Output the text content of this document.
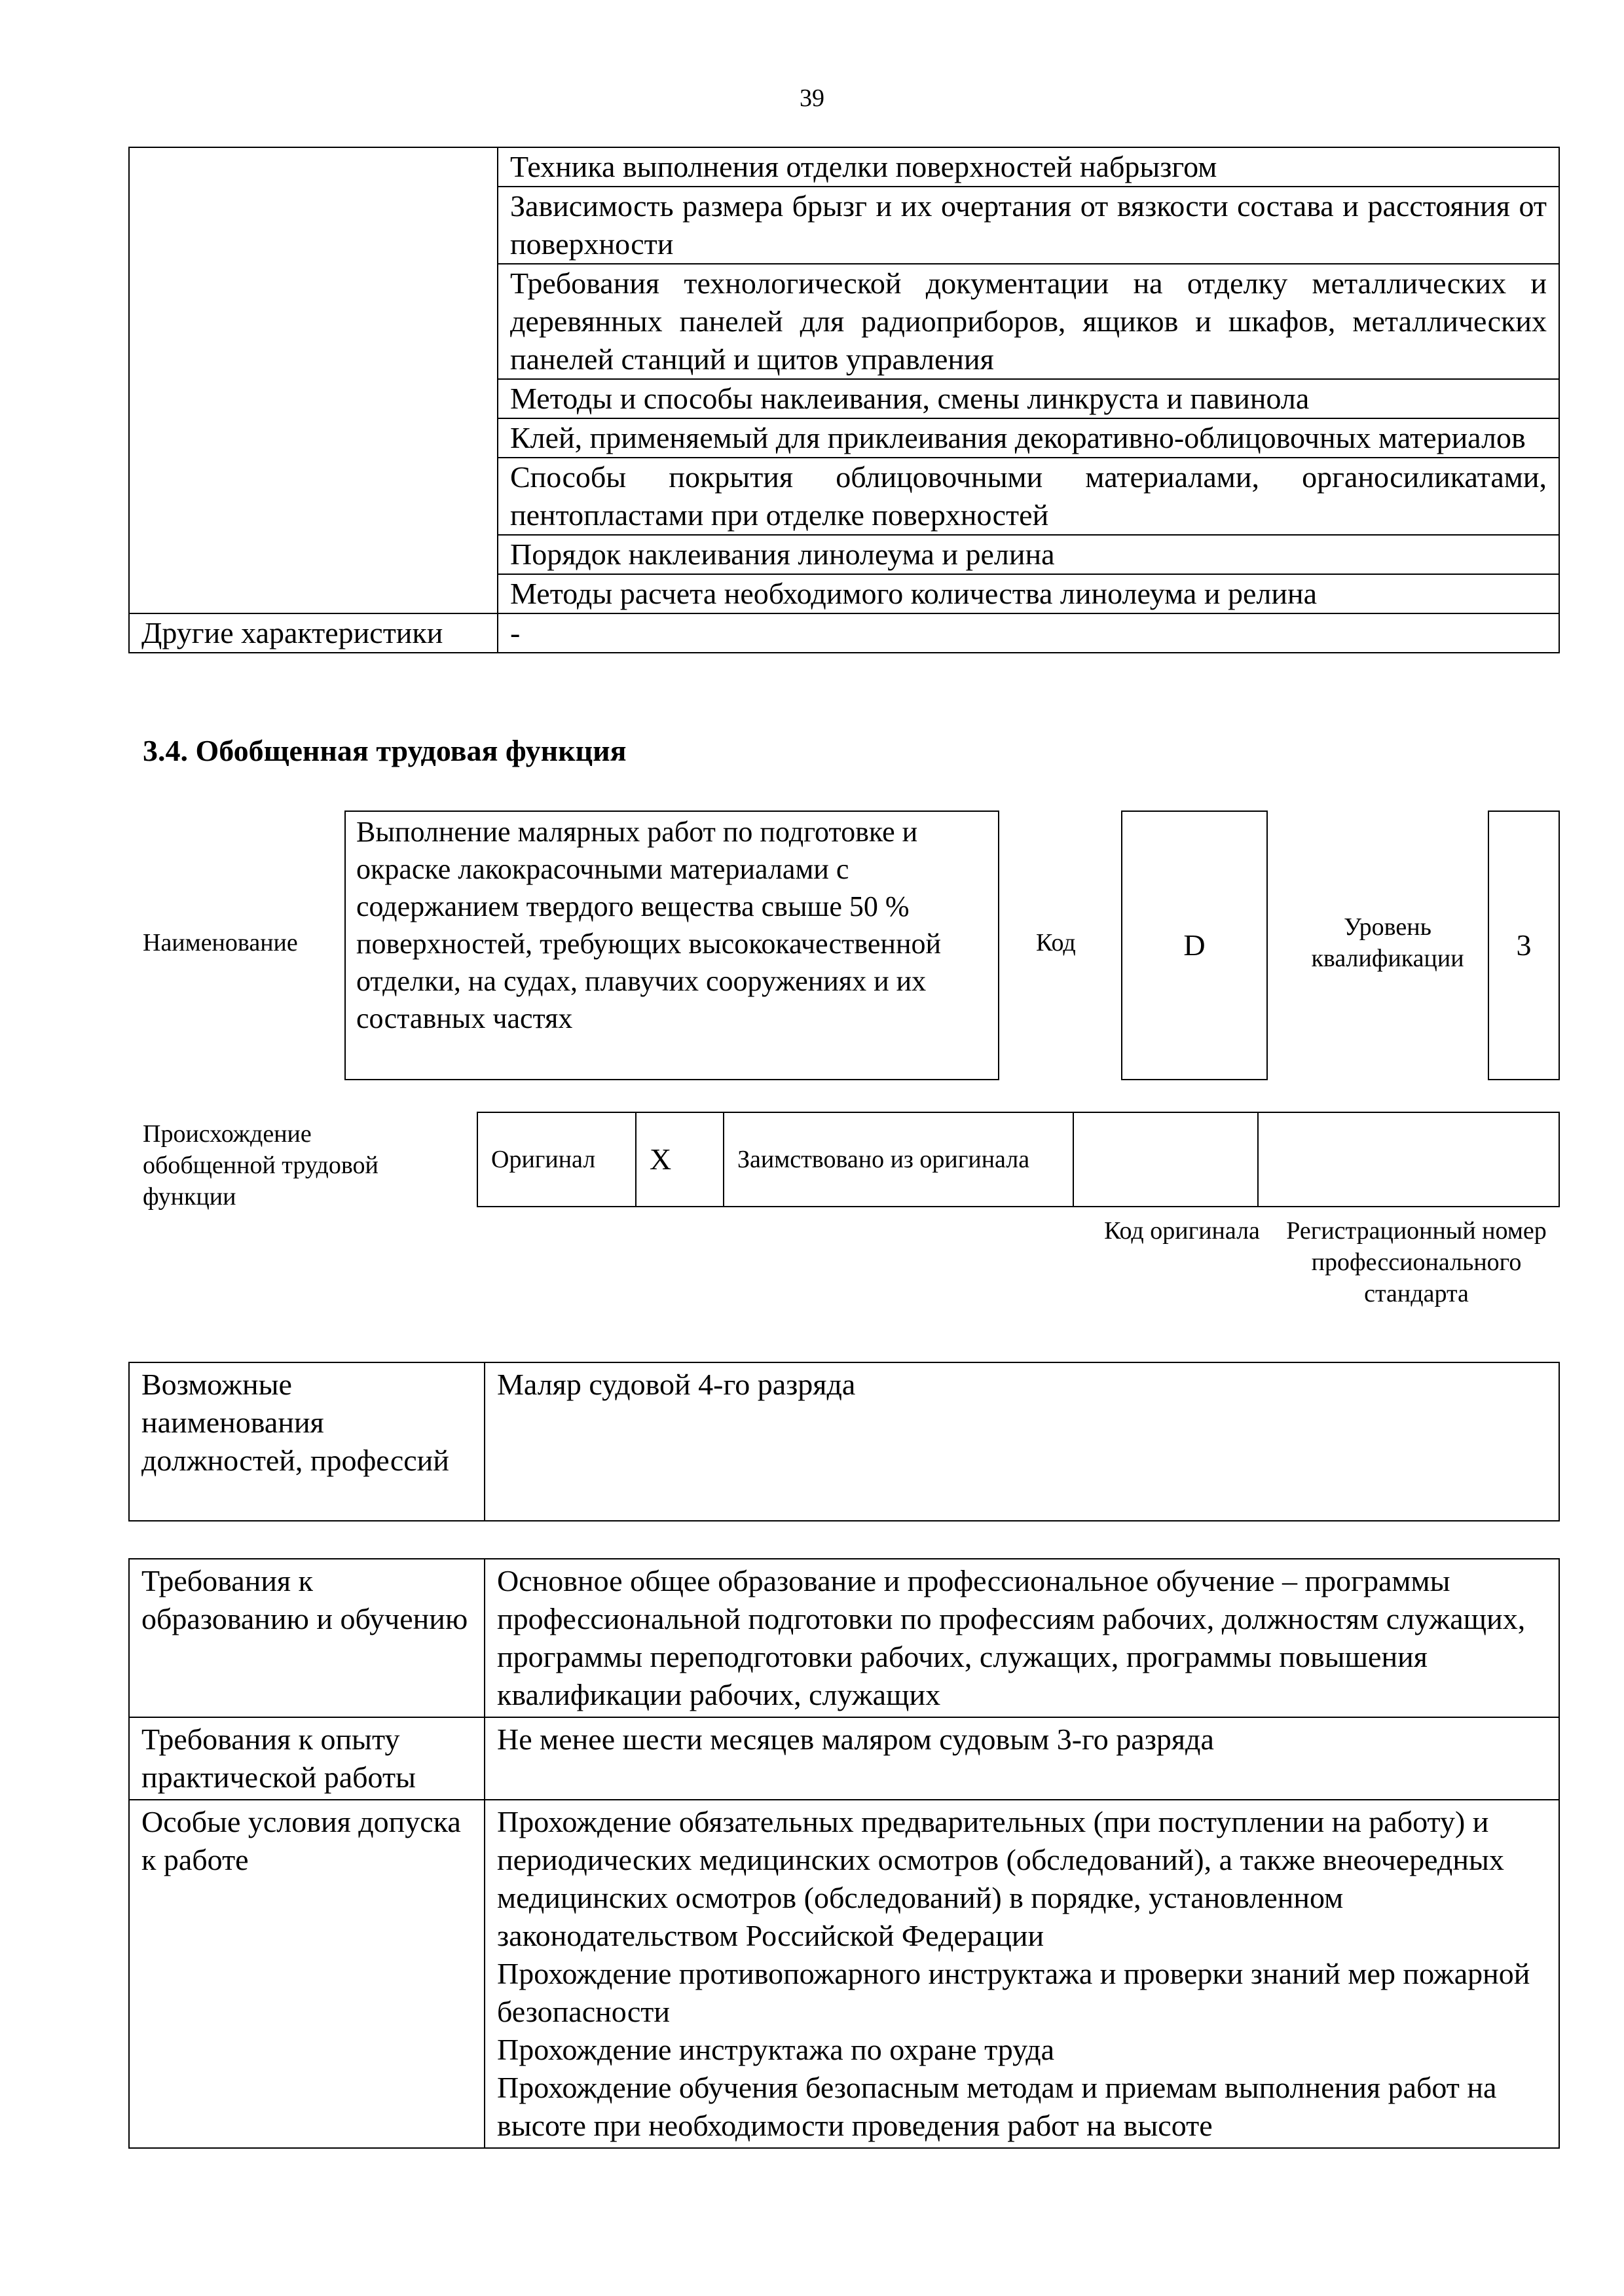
39
	Техника выполнения отделки поверхностей набрызгом
	Зависимость размера брызг и их очертания от вязкости состава и расстояния от поверхности
	Требования технологической документации на отделку металлических и деревянных панелей для радиоприборов, ящиков и шкафов, металлических панелей станций и щитов управления
	Методы и способы наклеивания, смены линкруста и павинола
	Клей, применяемый для приклеивания декоративно-облицовочных материалов
	Способы покрытия облицовочными материалами, органосиликатами, пентопластами при отделке поверхностей
	Порядок наклеивания линолеума и релина
	Методы расчета необходимого количества линолеума и релина
Другие характеристики	-
3.4. Обобщенная трудовая функция
Наименование
Выполнение малярных работ по подготовке и окраске лакокрасочными материалами с содержанием твердого вещества свыше 50 % поверхностей, требующих высококачественной отделки, на судах, плавучих сооружениях и их составных частях
Код	D
Уровень квалификации	3
Происхождение обобщенной трудовой функции
Оригинал	X	Заимствовано из оригинала		
Код оригинала	Регистрационный номер профессионального стандарта
Возможные наименования должностей, профессий	Маляр судовой 4-го разряда
Требования к образованию и обучению	Основное общее образование и профессиональное обучение – программы профессиональной подготовки по профессиям рабочих, должностям служащих, программы переподготовки рабочих, служащих, программы повышения квалификации рабочих, служащих
Требования к опыту практической работы	Не менее шести месяцев маляром судовым 3-го разряда
Особые условия допуска к работе	Прохождение обязательных предварительных (при поступлении на работу) и периодических медицинских осмотров (обследований), а также внеочередных медицинских осмотров (обследований) в порядке, установленном законодательством Российской Федерации
Прохождение противопожарного инструктажа и проверки знаний мер пожарной безопасности
Прохождение инструктажа по охране труда
Прохождение обучения безопасным методам и приемам выполнения работ на высоте при необходимости проведения работ на высоте
